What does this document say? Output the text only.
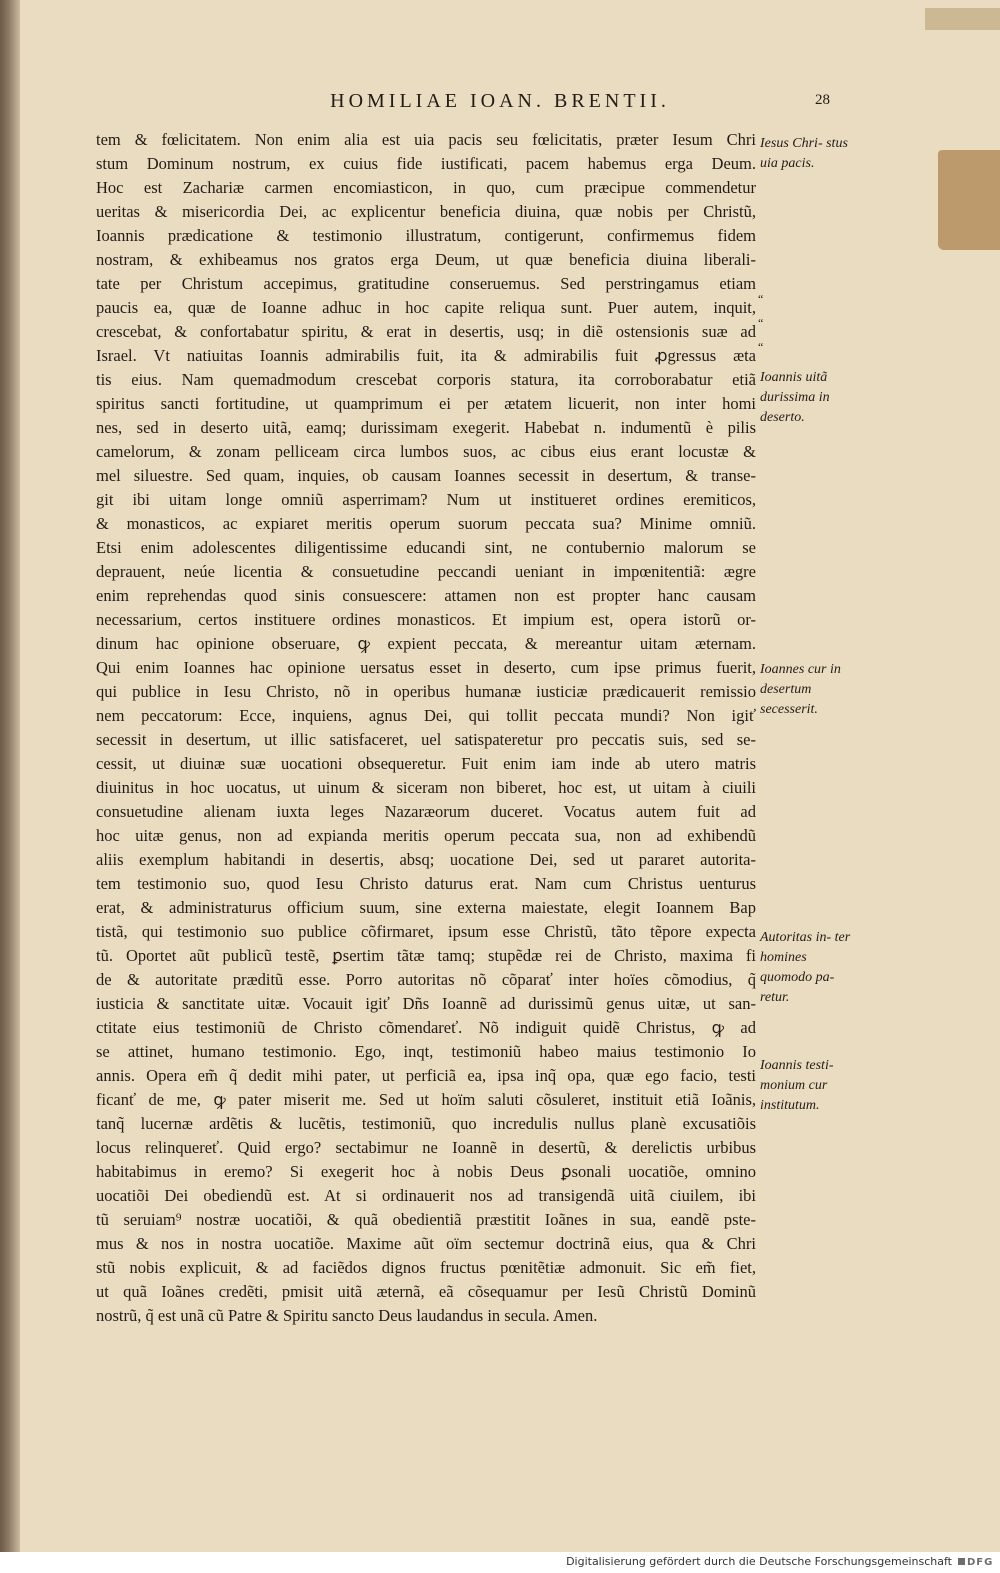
HOMILIAE IOAN. BRENTII.	28
tem & fœlicitatem. Non enim alia est uia pacis seu fœlicitatis, præter Iesum Chri
stum Dominum nostrum, ex cuius fide iustificati, pacem habemus erga Deum.
Hoc est Zachariæ carmen encomiasticon, in quo, cum præcipue commendetur
ueritas & misericordia Dei, ac explicentur beneficia diuina, quæ nobis per Christũ,
Ioannis prædicatione & testimonio illustratum, contigerunt, confirmemus fidem
nostram, & exhibeamus nos gratos erga Deum, ut quæ beneficia diuina liberali-
tate per Christum accepimus, gratitudine conseruemus. Sed perstringamus etiam
paucis ea, quæ de Ioanne adhuc in hoc capite reliqua sunt. Puer autem, inquit,
crescebat, & confortabatur spiritu, & erat in desertis, usq; in diẽ ostensionis suæ ad
Israel. Vt natiuitas Ioannis admirabilis fuit, ita & admirabilis fuit ꝓgressus æta
tis eius. Nam quemadmodum crescebat corporis statura, ita corroborabatur etiã
spiritus sancti fortitudine, ut quamprimum ei per ætatem licuerit, non inter homi
nes, sed in deserto uitã, eamq; durissimam exegerit. Habebat n. indumentũ è pilis
camelorum, & zonam pelliceam circa lumbos suos, ac cibus eius erant locustæ &
mel siluestre. Sed quam, inquies, ob causam Ioannes secessit in desertum, & transe-
git ibi uitam longe omniũ asperrimam? Num ut institueret ordines eremiticos,
& monasticos, ac expiaret meritis operum suorum peccata sua? Minime omniũ.
Etsi enim adolescentes diligentissime educandi sint, ne contubernio malorum se
deprauent, neúe licentia & consuetudine peccandi ueniant in impœnitentiã: ægre
enim reprehendas quod sinis consuescere: attamen non est propter hanc causam
necessarium, certos instituere ordines monasticos. Et impium est, opera istorũ or-
dinum hac opinione obseruare, ꝙ expient peccata, & mereantur uitam æternam.
Qui enim Ioannes hac opinione uersatus esset in deserto, cum ipse primus fuerit,
qui publice in Iesu Christo, nõ in operibus humanæ iusticiæ prædicauerit remissio
nem peccatorum: Ecce, inquiens, agnus Dei, qui tollit peccata mundi? Non igiť
secessit in desertum, ut illic satisfaceret, uel satispateretur pro peccatis suis, sed se-
cessit, ut diuinæ suæ uocationi obsequeretur. Fuit enim iam inde ab utero matris
diuinitus in hoc uocatus, ut uinum & siceram non biberet, hoc est, ut uitam à ciuili
consuetudine alienam iuxta leges Nazaræorum duceret. Vocatus autem fuit ad
hoc uitæ genus, non ad expianda meritis operum peccata sua, non ad exhibendũ
aliis exemplum habitandi in desertis, absq; uocatione Dei, sed ut pararet autorita-
tem testimonio suo, quod Iesu Christo daturus erat. Nam cum Christus uenturus
erat, & administraturus officium suum, sine externa maiestate, elegit Ioannem Bap
tistã, qui testimonio suo publice cõfirmaret, ipsum esse Christũ, tãto tẽpore expecta
tũ. Oportet aũt publicũ testẽ, ꝑsertim tãtæ tamq; stupẽdæ rei de Christo, maxima fi
de & autoritate præditũ esse. Porro autoritas nõ cõparať inter hoïes cõmodius, q̃
iusticia & sanctitate uitæ. Vocauit igiť Dñs Ioannẽ ad durissimũ genus uitæ, ut san-
ctitate eius testimoniũ de Christo cõmendareť. Nõ indiguit quidẽ Christus, ꝙ ad
se attinet, humano testimonio. Ego, inqt, testimoniũ habeo maius testimonio Io
annis. Opera em̃ q̃ dedit mihi pater, ut perficiã ea, ipsa inq̃ opa, quæ ego facio, testi
ficanť de me, ꝙ pater miserit me. Sed ut hoïm saluti cõsuleret, instituit etiã Ioãnis,
tanq̃ lucernæ ardẽtis & lucẽtis, testimoniũ, quo incredulis nullus planè excusatiõis
locus relinquereť. Quid ergo? sectabimur ne Ioannẽ in desertũ, & derelictis urbibus
habitabimus in eremo? Si exegerit hoc à nobis Deus ꝑsonali uocatiõe, omnino
uocatiõi Dei obediendũ est. At si ordinauerit nos ad transigendã uitã ciuilem, ibi
tũ seruiam⁹ nostræ uocatiõi, & quã obedientiã præstitit Ioãnes in sua, eandẽ pste-
mus & nos in nostra uocatiõe. Maxime aũt oïm sectemur doctrinã eius, qua & Chri
stũ nobis explicuit, & ad faciẽdos dignos fructus pœnitẽtiæ admonuit. Sic em̃ fiet,
ut quã Ioãnes credẽti, pmisit uitã æternã, eã cõsequamur per Iesũ Christũ Dominũ
nostrũ, q̃ est unã cũ Patre & Spiritu sancto Deus laudandus in secula. Amen.
Iesus Chri- stus uia pacis.
“
“
“
Ioannis uitã durissima in deserto.
Ioannes cur in desertum secesserit.
Autoritas in- ter homines quomodo pa- retur.
Ioannis testi- monium cur institutum.
Digitalisierung gefördert durch die Deutsche Forschungsgemeinschaft	DFG
